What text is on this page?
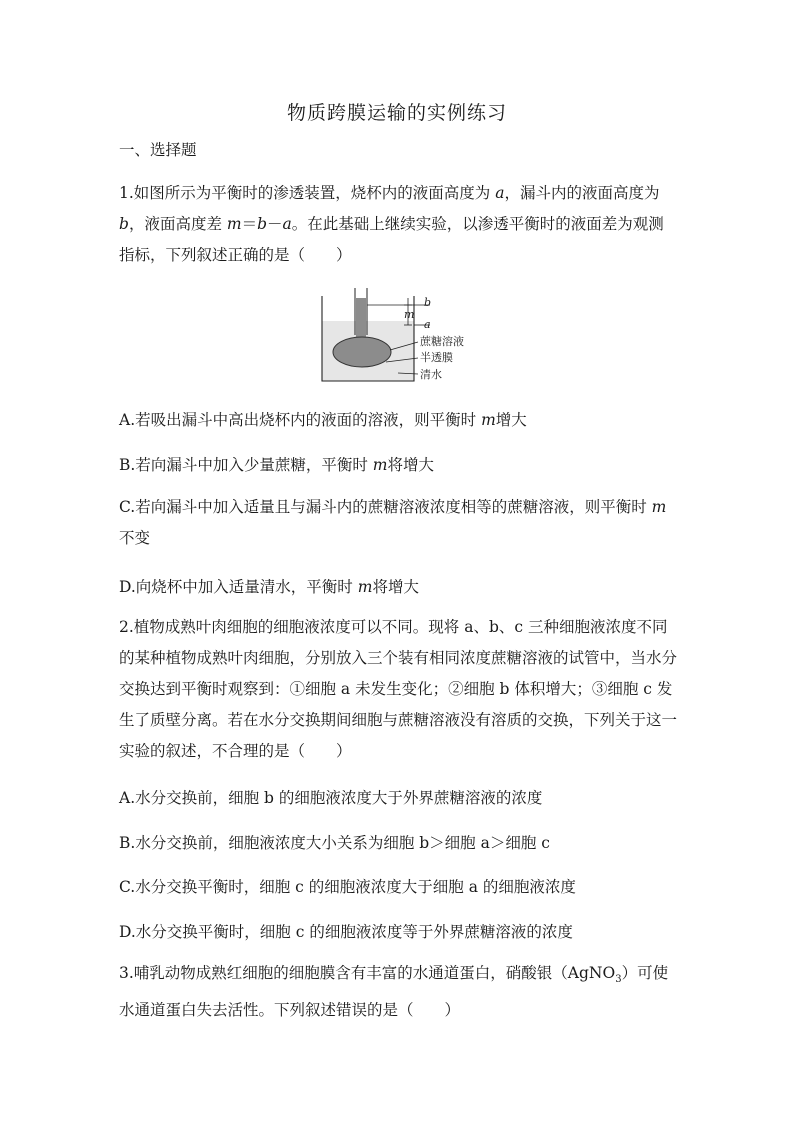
物质跨膜运输的实例练习
一、选择题
1.如图所示为平衡时的渗透装置，烧杯内的液面高度为 a，漏斗内的液面高度为 b，液面高度差 m＝b－a。在此基础上继续实验，以渗透平衡时的液面差为观测指标，下列叙述正确的是（　　）
b
m
a
蔗糖溶液
半透膜
清水
A.若吸出漏斗中高出烧杯内的液面的溶液，则平衡时 m增大
B.若向漏斗中加入少量蔗糖，平衡时 m将增大
C.若向漏斗中加入适量且与漏斗内的蔗糖溶液浓度相等的蔗糖溶液，则平衡时 m不变
D.向烧杯中加入适量清水，平衡时 m将增大
2.植物成熟叶肉细胞的细胞液浓度可以不同。现将 a、b、c 三种细胞液浓度不同的某种植物成熟叶肉细胞，分别放入三个装有相同浓度蔗糖溶液的试管中，当水分交换达到平衡时观察到：①细胞 a 未发生变化；②细胞 b 体积增大；③细胞 c 发生了质壁分离。若在水分交换期间细胞与蔗糖溶液没有溶质的交换，下列关于这一实验的叙述，不合理的是（　　）
A.水分交换前，细胞 b 的细胞液浓度大于外界蔗糖溶液的浓度
B.水分交换前，细胞液浓度大小关系为细胞 b＞细胞 a＞细胞 c
C.水分交换平衡时，细胞 c 的细胞液浓度大于细胞 a 的细胞液浓度
D.水分交换平衡时，细胞 c 的细胞液浓度等于外界蔗糖溶液的浓度
3.哺乳动物成熟红细胞的细胞膜含有丰富的水通道蛋白，硝酸银（AgNO$_3$）可使水通道蛋白失去活性。下列叙述错误的是（　　）
